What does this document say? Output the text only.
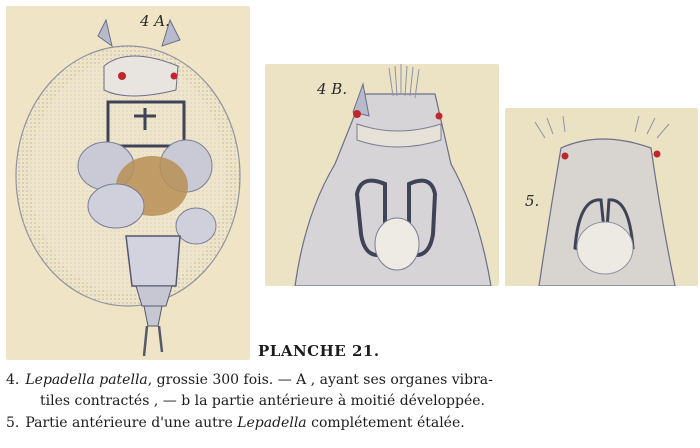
4 A.
4 B.
5.
PLANCHE 21.
4. Lepadella patella, grossie 300 fois. — A , ayant ses organes vibra-
tiles contractés , — b la partie antérieure à moitié développée.
5. Partie antérieure d'une autre Lepadella complétement étalée.
